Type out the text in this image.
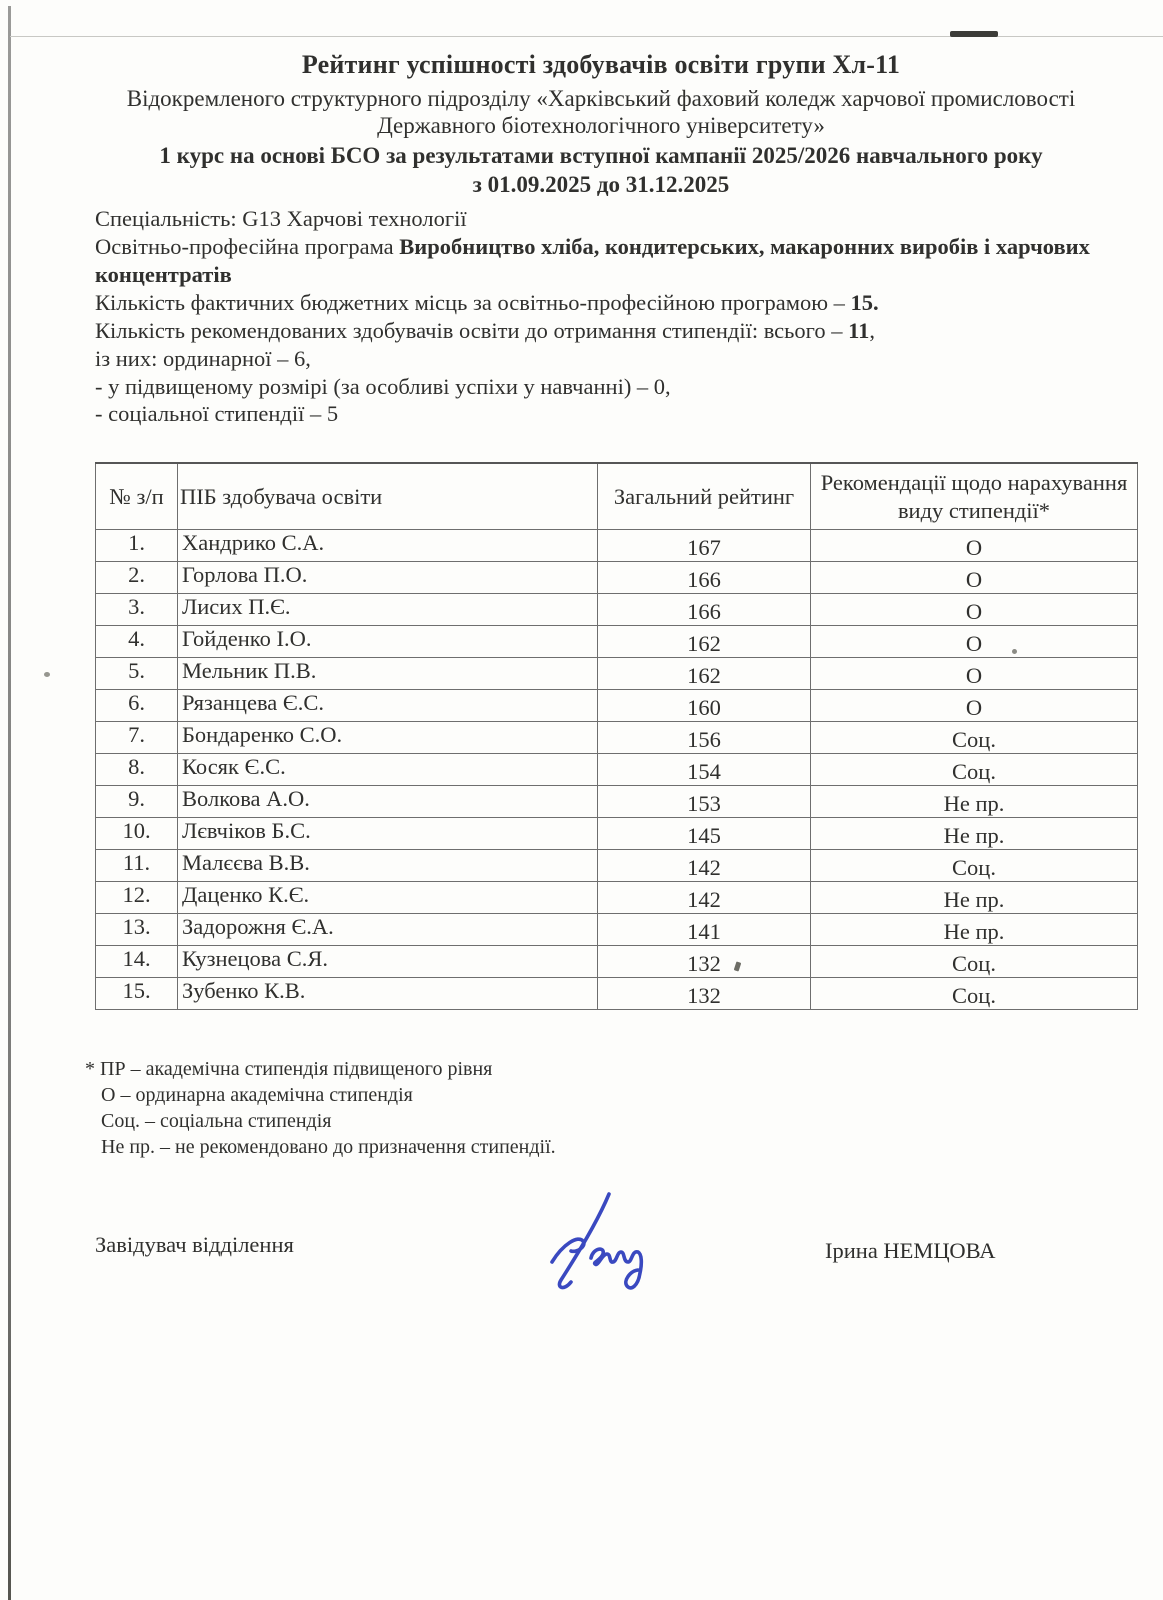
Рейтинг успішності здобувачів освіти групи Хл-11
Відокремленого структурного підрозділу «Харківський фаховий коледж харчової промисловості
Державного біотехнологічного університету»
1 курс на основі БСО за результатами вступної кампанії 2025/2026 навчального року
з 01.09.2025 до 31.12.2025
Спеціальність: G13 Харчові технології
Освітньо-професійна програма Виробництво хліба, кондитерських, макаронних виробів і харчових концентратів
Кількість фактичних бюджетних місць за освітньо-професійною програмою – 15.
Кількість рекомендованих здобувачів освіти до отримання стипендії: всього – 11,
із них: ординарної – 6,
- у підвищеному розмірі (за особливі успіхи у навчанні) – 0,
- соціальної стипендії – 5
№ з/п	ПІБ здобувача освіти	Загальний рейтинг	Рекомендації щодо нарахування виду стипендії*
1.	Хандрико С.А.	167	О
2.	Горлова П.О.	166	О
3.	Лисих П.Є.	166	О
4.	Гойденко І.О.	162	О
5.	Мельник П.В.	162	О
6.	Рязанцева Є.С.	160	О
7.	Бондаренко С.О.	156	Соц.
8.	Косяк Є.С.	154	Соц.
9.	Волкова А.О.	153	Не пр.
10.	Лєвчіков Б.С.	145	Не пр.
11.	Малєєва В.В.	142	Соц.
12.	Даценко К.Є.	142	Не пр.
13.	Задорожня Є.А.	141	Не пр.
14.	Кузнецова С.Я.	132	Соц.
15.	Зубенко К.В.	132	Соц.
* ПР – академічна стипендія підвищеного рівня
О – ординарна академічна стипендія
Соц. – соціальна стипендія
Не пр. – не рекомендовано до призначення стипендії.
Завідувач відділення	Ірина НЕМЦОВА
